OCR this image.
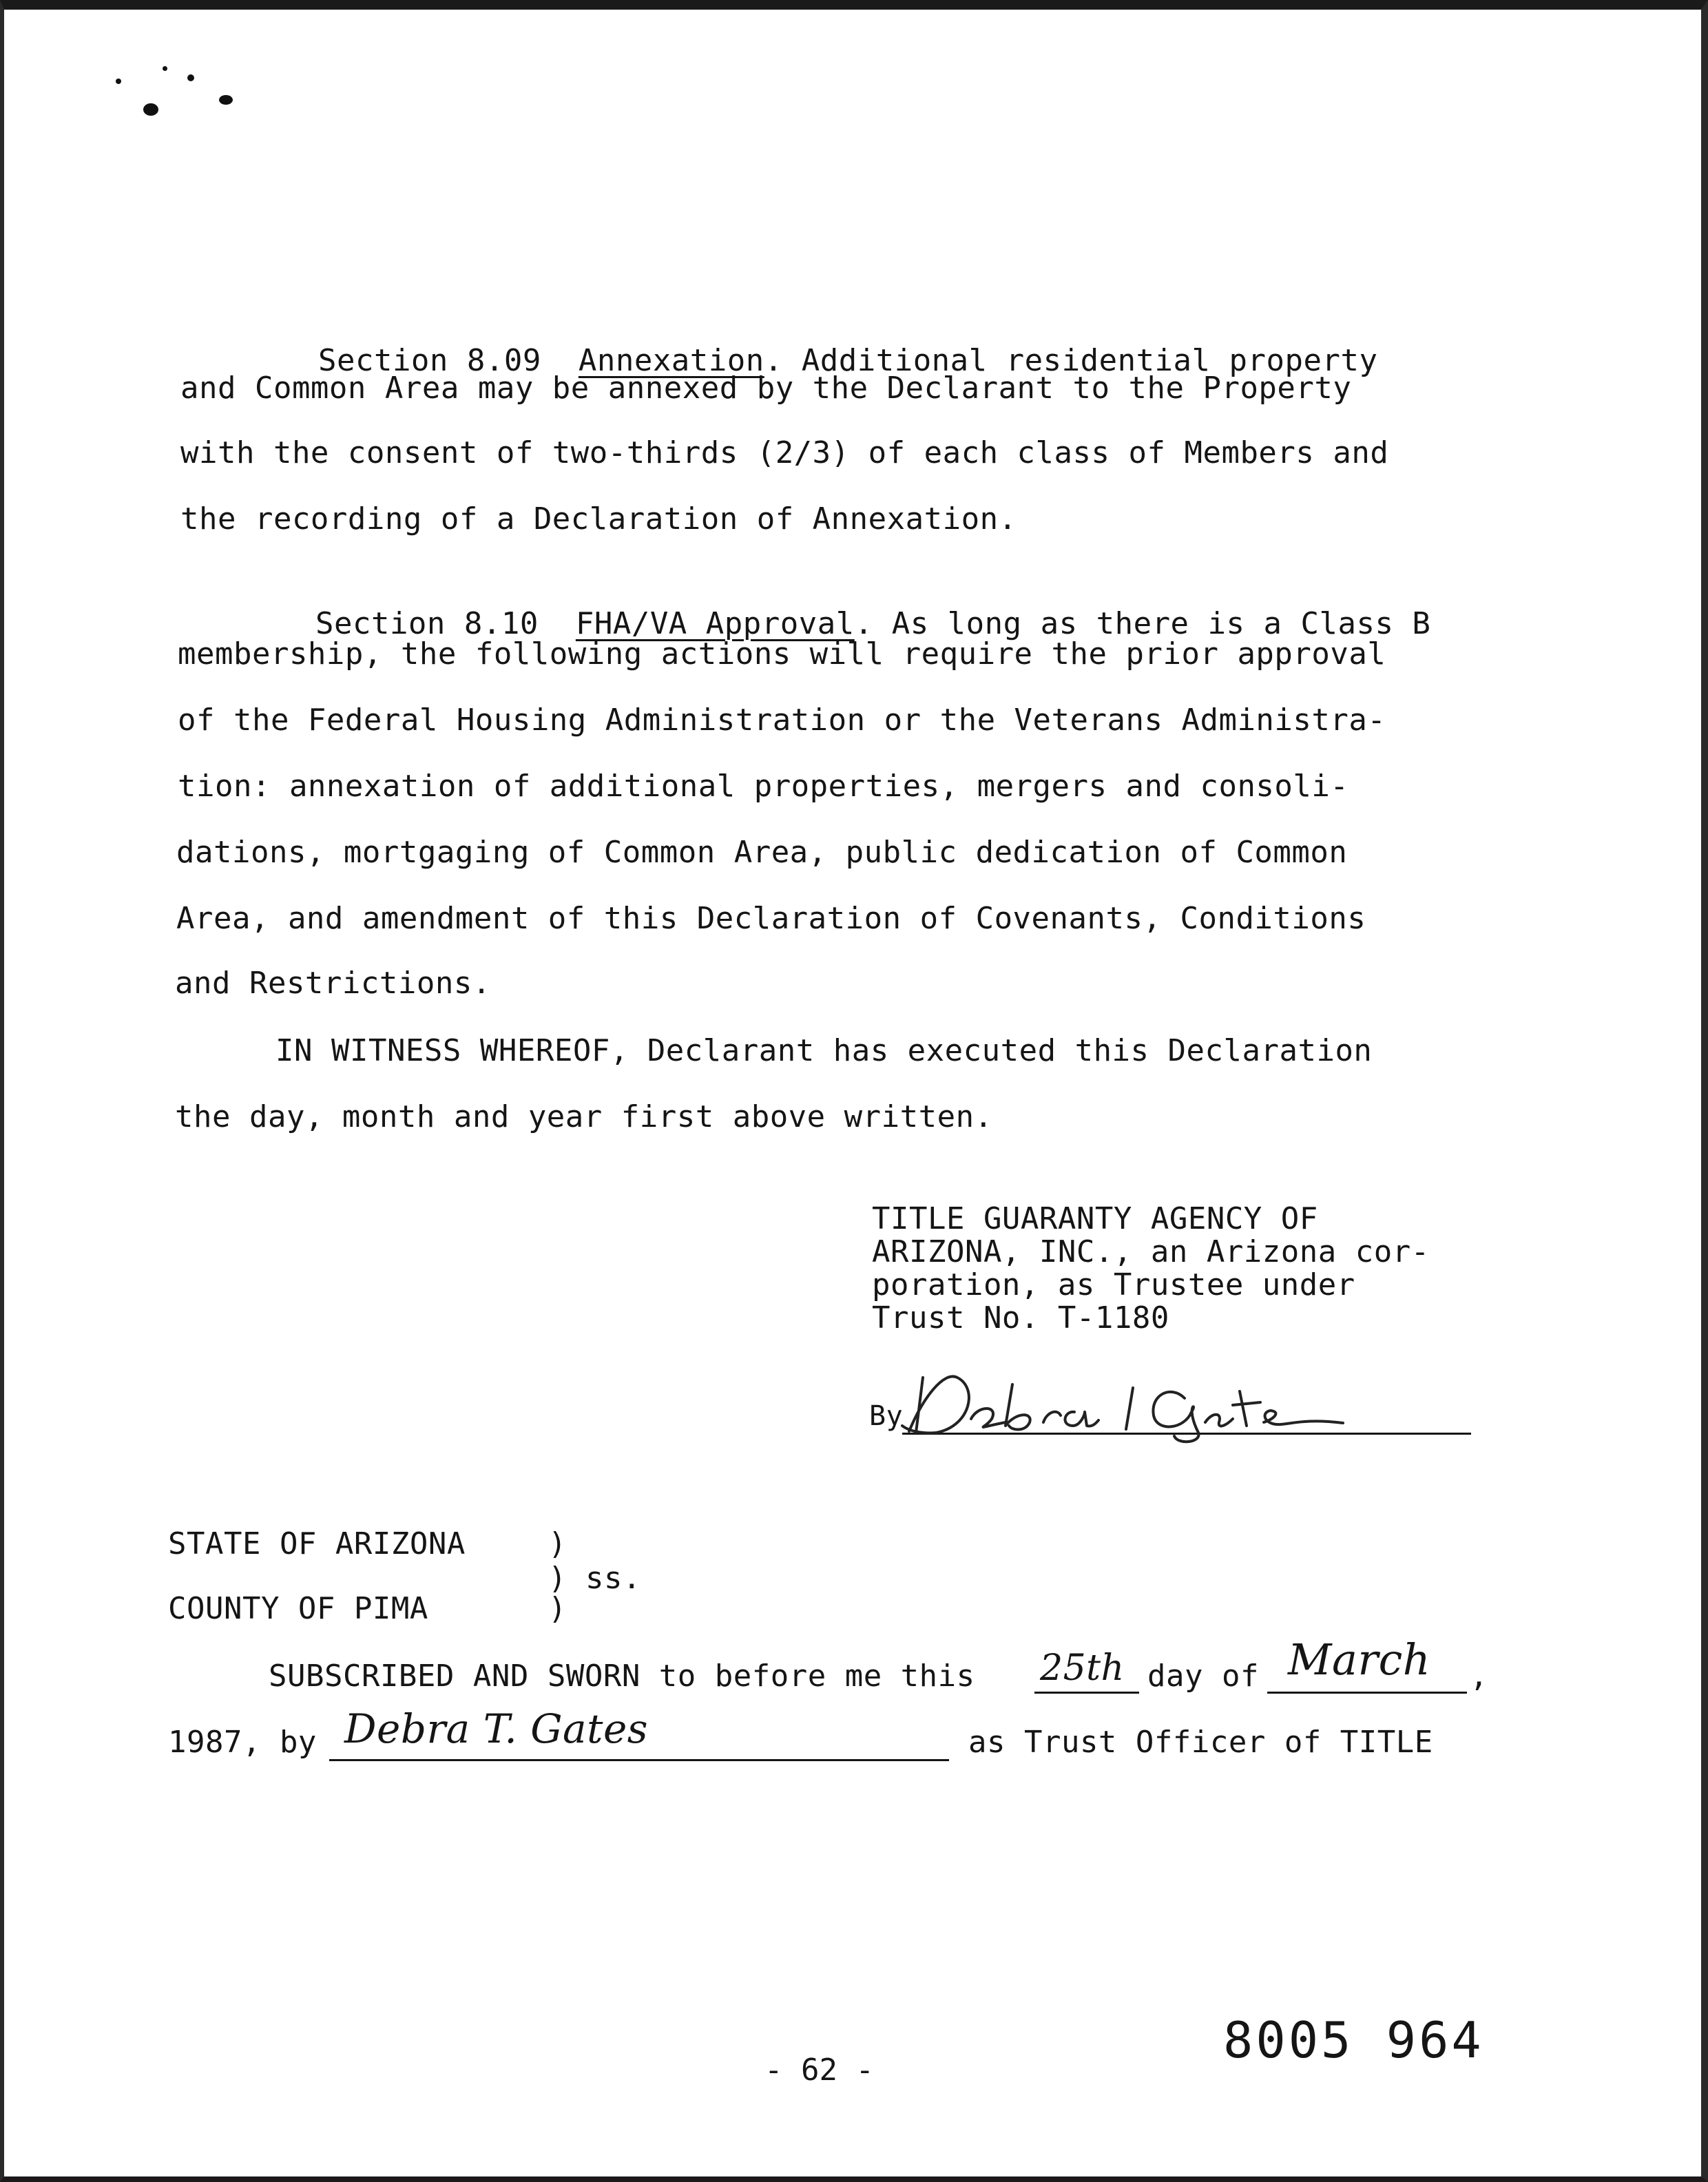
Section 8.09 Annexation. Additional residential property

and Common Area may be annexed by the Declarant to the Property
with the consent of two-thirds (2/3) of each class of Members and
the recording of a Declaration of Annexation.

Section 8.10 FHA/VA Approval. As long as there is a Class B

membership, the following actions will require the prior approval
of the Federal Housing Administration or the Veterans Administra-
tion: annexation of additional properties, mergers and consoli-
dations, mortgaging of Common Area, public dedication of Common
Area, and amendment of this Declaration of Covenants, Conditions
and Restrictions.
IN WITNESS WHEREOF, Declarant has executed this Declaration
the day, month and year first above written.
TITLE GUARANTY AGENCY OF
ARIZONA, INC., an Arizona cor-
poration, as Trustee under
Trust No. T-1180
By
STATE OF ARIZONA	)
) ss.
COUNTY OF PIMA	)
SUBSCRIBED AND SWORN to before me this 25th day of March ,
1987, by Debra T. Gates	as Trust Officer of TITLE
- 62 -
8005 964
